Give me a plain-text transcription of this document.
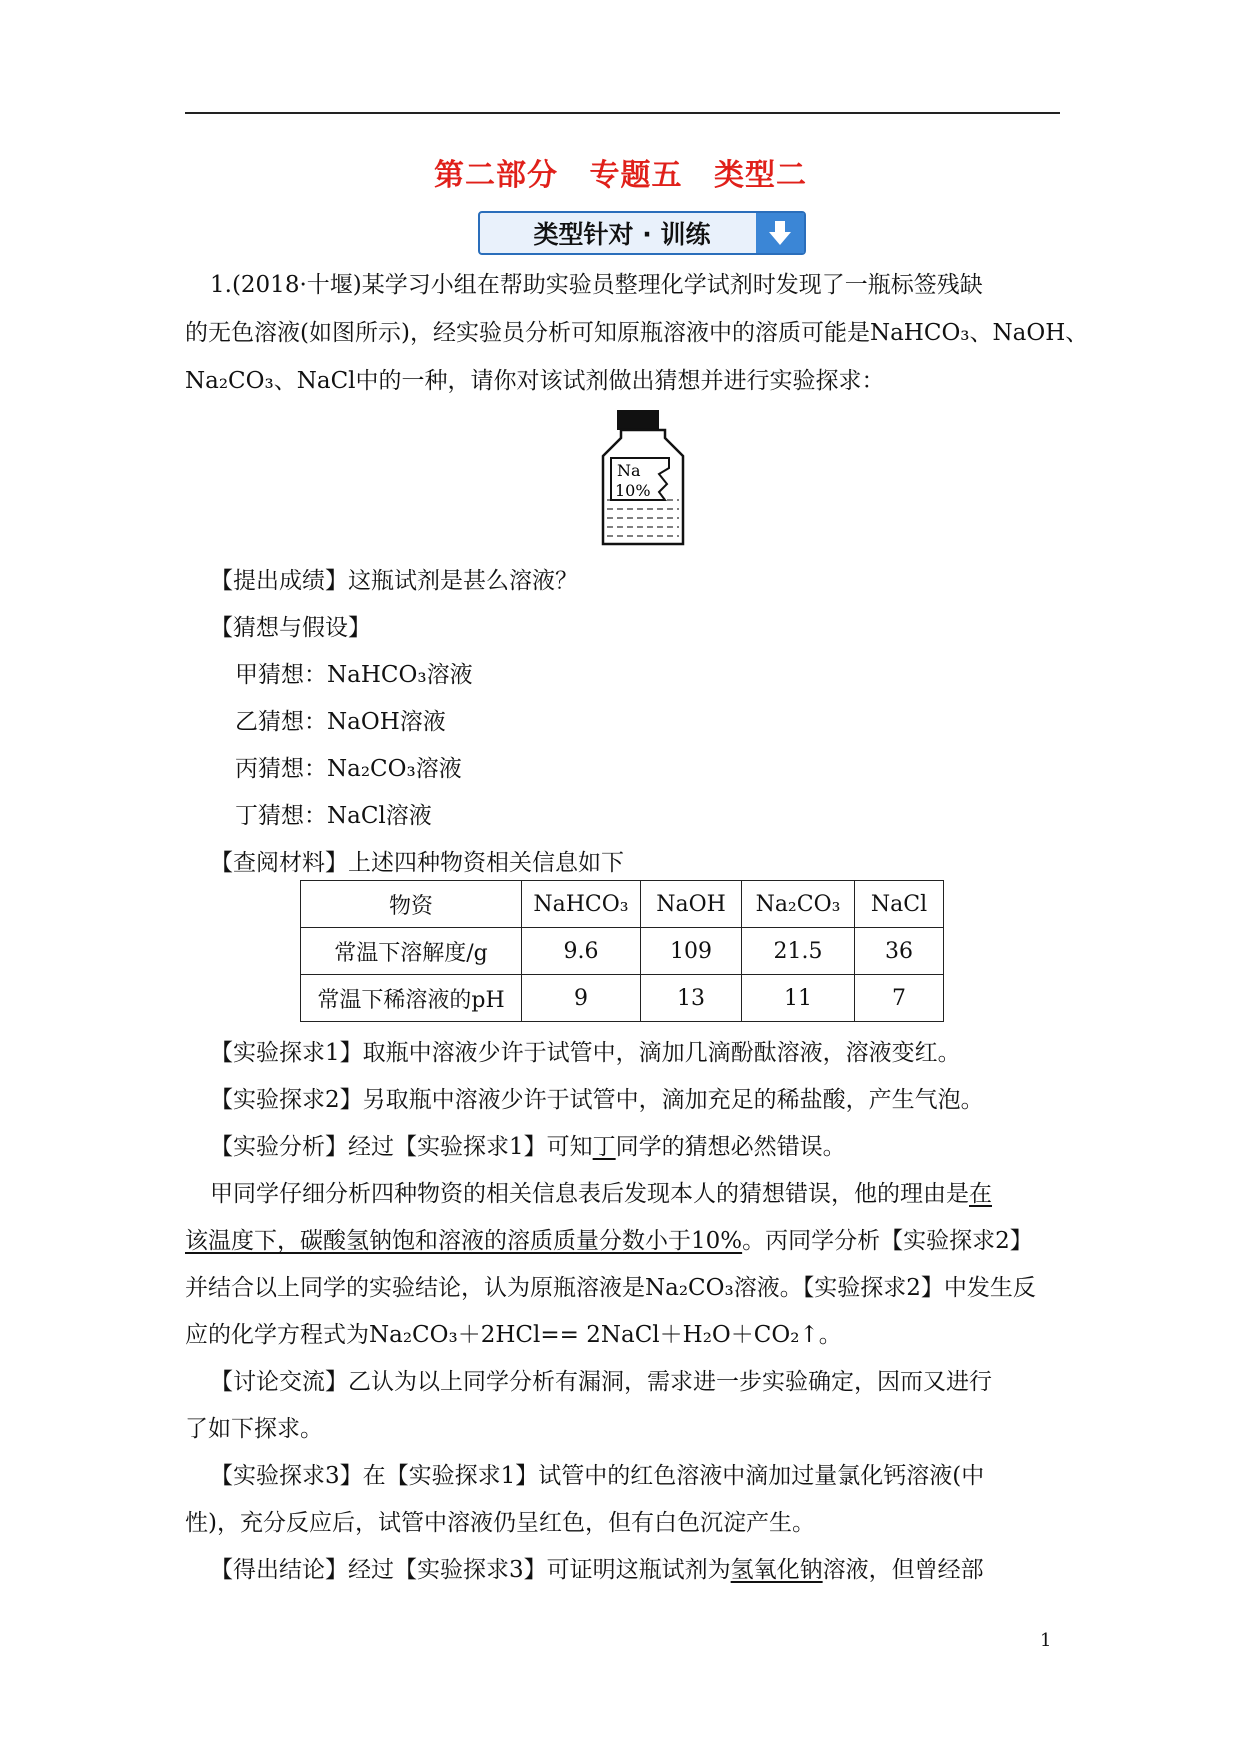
第二部分 专题五 类型二
类型针对 · 训练
1.(2018·十堰)某学习小组在帮助实验员整理化学试剂时发现了一瓶标签残缺
的无色溶液(如图所示)，经实验员分析可知原瓶溶液中的溶质可能是NaHCO₃、NaOH、
Na₂CO₃、NaCl中的一种，请你对该试剂做出猜想并进行实验探求：
Na
10%
【提出成绩】这瓶试剂是甚么溶液？
【猜想与假设】
甲猜想：NaHCO₃溶液
乙猜想：NaOH溶液
丙猜想：Na₂CO₃溶液
丁猜想：NaCl溶液
【查阅材料】上述四种物资相关信息如下
物资	NaHCO₃	NaOH	Na₂CO₃	NaCl
常温下溶解度/g	9.6	109	21.5	36
常温下稀溶液的pH	9	13	11	7
【实验探求1】取瓶中溶液少许于试管中，滴加几滴酚酞溶液，溶液变红。
【实验探求2】另取瓶中溶液少许于试管中，滴加充足的稀盐酸，产生气泡。
【实验分析】经过【实验探求1】可知丁同学的猜想必然错误。
甲同学仔细分析四种物资的相关信息表后发现本人的猜想错误，他的理由是在
该温度下，碳酸氢钠饱和溶液的溶质质量分数小于10%。丙同学分析【实验探求2】
并结合以上同学的实验结论，认为原瓶溶液是Na₂CO₃溶液。【实验探求2】中发生反
应的化学方程式为Na₂CO₃＋2HCl== 2NaCl＋H₂O＋CO₂↑。
【讨论交流】乙认为以上同学分析有漏洞，需求进一步实验确定，因而又进行
了如下探求。
【实验探求3】在【实验探求1】试管中的红色溶液中滴加过量氯化钙溶液(中
性)，充分反应后，试管中溶液仍呈红色，但有白色沉淀产生。
【得出结论】经过【实验探求3】可证明这瓶试剂为氢氧化钠溶液，但曾经部
1
